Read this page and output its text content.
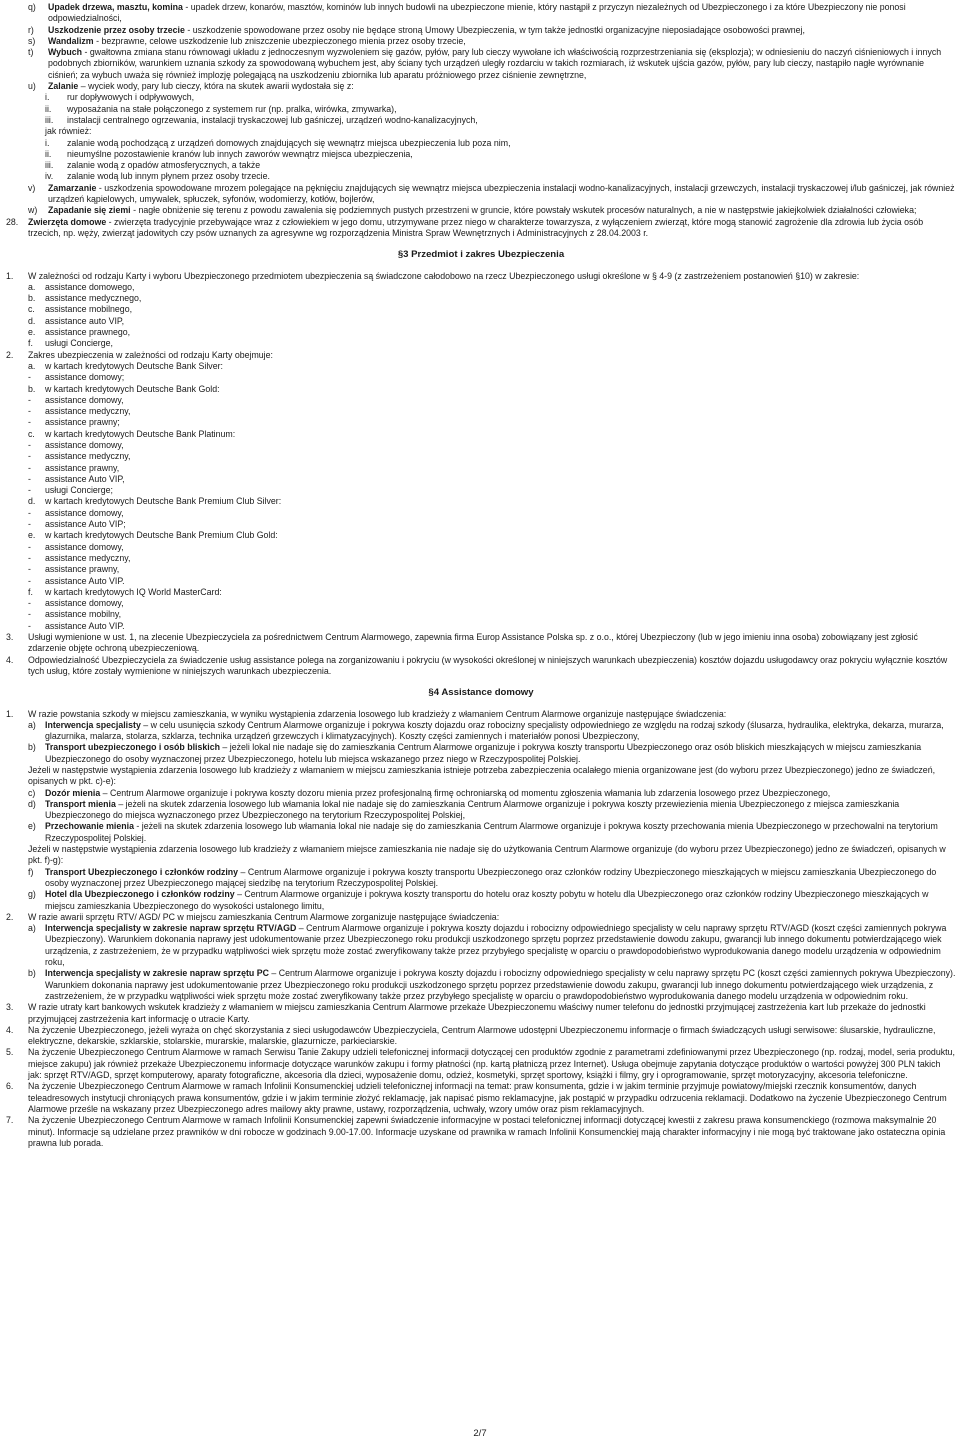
q)	Upadek drzewa, masztu, komina - upadek drzew, konarów, masztów, kominów lub innych budowli na ubezpieczone mienie, który nastąpił z przyczyn niezależnych od Ubezpieczonego i za które Ubezpieczony nie ponosi odpowiedzialności,
r)	Uszkodzenie przez osoby trzecie - uszkodzenie spowodowane przez osoby nie będące stroną Umowy Ubezpieczenia, w tym także jednostki organizacyjne nieposiadające osobowości prawnej,
s)	Wandalizm - bezprawne, celowe uszkodzenie lub zniszczenie ubezpieczonego mienia przez osoby trzecie,
t)	Wybuch - gwałtowna zmiana stanu równowagi układu z jednoczesnym wyzwoleniem się gazów, pyłów, pary lub cieczy wywołane ich właściwością rozprzestrzeniania się (eksplozja); w odniesieniu do naczyń ciśnieniowych i innych podobnych zbiorników, warunkiem uznania szkody za spowodowaną wybuchem jest, aby ściany tych urządzeń uległy rozdarciu w takich rozmiarach, iż wskutek ujścia gazów, pyłów, pary lub cieczy, nastąpiło nagłe wyrównanie ciśnień; za wybuch uważa się również implozję polegającą na uszkodzeniu zbiornika lub aparatu próżniowego przez ciśnienie zewnętrzne,
u)	Zalanie – wyciek wody, pary lub cieczy, która na skutek awarii wydostała się z:
i.	rur dopływowych i odpływowych,
ii.	wyposażania na stałe połączonego z systemem rur (np. pralka, wirówka, zmywarka),
iii.	instalacji centralnego ogrzewania, instalacji tryskaczowej lub gaśniczej, urządzeń wodno-kanalizacyjnych,
jak również:
i.	zalanie wodą pochodzącą z urządzeń domowych znajdujących się wewnątrz miejsca ubezpieczenia lub poza nim,
ii.	nieumyślne pozostawienie kranów lub innych zaworów wewnątrz miejsca ubezpieczenia,
iii.	zalanie wodą z opadów atmosferycznych, a także
iv.	zalanie wodą lub innym płynem przez osoby trzecie.
v)	Zamarzanie - uszkodzenia spowodowane mrozem polegające na pęknięciu znajdujących się wewnątrz miejsca ubezpieczenia instalacji wodno-kanalizacyjnych, instalacji grzewczych, instalacji tryskaczowej i/lub gaśniczej, jak również urządzeń kąpielowych, umywalek, spłuczek, syfonów, wodomierzy, kotłów, bojlerów,
w)	Zapadanie się ziemi - nagłe obniżenie się terenu z powodu zawalenia się podziemnych pustych przestrzeni w gruncie, które powstały wskutek procesów naturalnych, a nie w następstwie jakiejkolwiek działalności człowieka;
28.	Zwierzęta domowe - zwierzęta tradycyjnie przebywające wraz z człowiekiem w jego domu, utrzymywane przez niego w charakterze towarzysza, z wyłączeniem zwierząt, które mogą stanowić zagrożenie dla zdrowia lub życia osób trzecich, np. węży, zwierząt jadowitych czy psów uznanych za agresywne wg rozporządzenia Ministra Spraw Wewnętrznych i Administracyjnych z 28.04.2003 r.
§3 Przedmiot i zakres Ubezpieczenia
1.	W zależności od rodzaju Karty i wyboru Ubezpieczonego przedmiotem ubezpieczenia są świadczone całodobowo na rzecz Ubezpieczonego usługi określone w § 4-9 (z zastrzeżeniem postanowień §10) w zakresie:
a.	assistance domowego,
b.	assistance medycznego,
c.	assistance mobilnego,
d.	assistance auto VIP,
e.	assistance prawnego,
f.	usługi Concierge,
2.	Zakres ubezpieczenia w zależności od rodzaju Karty obejmuje:
a.	w kartach kredytowych Deutsche Bank Silver:
-	assistance domowy;
b.	w kartach kredytowych Deutsche Bank Gold:
-	assistance domowy,
-	assistance medyczny,
-	assistance prawny;
c.	w kartach kredytowych Deutsche Bank Platinum:
-	assistance domowy,
-	assistance medyczny,
-	assistance prawny,
-	assistance Auto VIP,
-	usługi Concierge;
d.	w kartach kredytowych Deutsche Bank Premium Club Silver:
-	assistance domowy,
-	assistance Auto VIP;
e.	w kartach kredytowych Deutsche Bank Premium Club Gold:
-	assistance domowy,
-	assistance medyczny,
-	assistance prawny,
-	assistance Auto VIP.
f.	w kartach kredytowych IQ World MasterCard:
-	assistance domowy,
-	assistance mobilny,
-	assistance Auto VIP.
3.	Usługi wymienione w ust. 1, na zlecenie Ubezpieczyciela za pośrednictwem Centrum Alarmowego, zapewnia firma Europ Assistance Polska sp. z o.o., której Ubezpieczony (lub w jego imieniu inna osoba) zobowiązany jest zgłosić zdarzenie objęte ochroną ubezpieczeniową.
4.	Odpowiedzialność Ubezpieczyciela za świadczenie usług assistance polega na zorganizowaniu i pokryciu (w wysokości określonej w niniejszych warunkach ubezpieczenia) kosztów dojazdu usługodawcy oraz pokryciu wyłącznie kosztów tych usług, które zostały wymienione w niniejszych warunkach ubezpieczenia.
§4 Assistance domowy
1.	W razie powstania szkody w miejscu zamieszkania, w wyniku wystąpienia zdarzenia losowego lub kradzieży z włamaniem Centrum Alarmowe organizuje następujące świadczenia:
a)	Interwencja specjalisty – w celu usunięcia szkody Centrum Alarmowe organizuje i pokrywa koszty dojazdu oraz robocizny specjalisty odpowiedniego ze względu na rodzaj szkody (ślusarza, hydraulika, elektryka, dekarza, murarza, glazurnika, malarza, stolarza, szklarza, technika urządzeń grzewczych i klimatyzacyjnych). Koszty części zamiennych i materiałów ponosi Ubezpieczony,
b)	Transport ubezpieczonego i osób bliskich – jeżeli lokal nie nadaje się do zamieszkania Centrum Alarmowe organizuje i pokrywa koszty transportu Ubezpieczonego oraz osób bliskich mieszkających w miejscu zamieszkania Ubezpieczonego do osoby wyznaczonej przez Ubezpieczonego, hotelu lub miejsca wskazanego przez niego w Rzeczypospolitej Polskiej.
Jeżeli w następstwie wystąpienia zdarzenia losowego lub kradzieży z włamaniem w miejscu zamieszkania istnieje potrzeba zabezpieczenia ocalałego mienia organizowane jest (do wyboru przez Ubezpieczonego) jedno ze świadczeń, opisanych w pkt. c)-e):
c)	Dozór mienia – Centrum Alarmowe organizuje i pokrywa koszty dozoru mienia przez profesjonalną firmę ochroniarską od momentu zgłoszenia włamania lub zdarzenia losowego przez Ubezpieczonego,
d)	Transport mienia – jeżeli na skutek zdarzenia losowego lub włamania lokal nie nadaje się do zamieszkania Centrum Alarmowe organizuje i pokrywa koszty przewiezienia mienia Ubezpieczonego z miejsca zamieszkania Ubezpieczonego do miejsca wyznaczonego przez Ubezpieczonego na terytorium Rzeczypospolitej Polskiej,
e)	Przechowanie mienia - jeżeli na skutek zdarzenia losowego lub włamania lokal nie nadaje się do zamieszkania Centrum Alarmowe organizuje i pokrywa koszty przechowania mienia Ubezpieczonego w przechowalni na terytorium Rzeczypospolitej Polskiej.
Jeżeli w następstwie wystąpienia zdarzenia losowego lub kradzieży z włamaniem miejsce zamieszkania nie nadaje się do użytkowania Centrum Alarmowe organizuje (do wyboru przez Ubezpieczonego) jedno ze świadczeń, opisanych w pkt. f)-g):
f)	Transport Ubezpieczonego i członków rodziny – Centrum Alarmowe organizuje i pokrywa koszty transportu Ubezpieczonego oraz członków rodziny Ubezpieczonego mieszkających w miejscu zamieszkania Ubezpieczonego do osoby wyznaczonej przez Ubezpieczonego mającej siedzibę na terytorium Rzeczypospolitej Polskiej.
g)	Hotel dla Ubezpieczonego i członków rodziny – Centrum Alarmowe organizuje i pokrywa koszty transportu do hotelu oraz koszty pobytu w hotelu dla Ubezpieczonego oraz członków rodziny Ubezpieczonego mieszkających w miejscu zamieszkania Ubezpieczonego do wysokości ustalonego limitu,
2.	W razie awarii sprzętu RTV/ AGD/ PC w miejscu zamieszkania Centrum Alarmowe zorganizuje następujące świadczenia:
a)	Interwencja specjalisty w zakresie napraw sprzętu RTV/AGD – Centrum Alarmowe organizuje i pokrywa koszty dojazdu i robocizny odpowiedniego specjalisty w celu naprawy sprzętu RTV/AGD (koszt części zamiennych pokrywa Ubezpieczony). Warunkiem dokonania naprawy jest udokumentowanie przez Ubezpieczonego roku produkcji uszkodzonego sprzętu poprzez przedstawienie dowodu zakupu, gwarancji lub innego dokumentu potwierdzającego wiek urządzenia, z zastrzeżeniem, że w przypadku wątpliwości wiek sprzętu może zostać zweryfikowany także przez przybyłego specjalistę w oparciu o prawdopodobieństwo wyprodukowania danego modelu urządzenia w odpowiednim roku,
b)	Interwencja specjalisty w zakresie napraw sprzętu PC – Centrum Alarmowe organizuje i pokrywa koszty dojazdu i robocizny odpowiedniego specjalisty w celu naprawy sprzętu PC (koszt części zamiennych pokrywa Ubezpieczony). Warunkiem dokonania naprawy jest udokumentowanie przez Ubezpieczonego roku produkcji uszkodzonego sprzętu poprzez przedstawienie dowodu zakupu, gwarancji lub innego dokumentu potwierdzającego wiek urządzenia, z zastrzeżeniem, że w przypadku wątpliwości wiek sprzętu może zostać zweryfikowany także przez przybyłego specjalistę w oparciu o prawdopodobieństwo wyprodukowania danego modelu urządzenia w odpowiednim roku.
3.	W razie utraty kart bankowych wskutek kradzieży z włamaniem w miejscu zamieszkania Centrum Alarmowe przekaże Ubezpieczonemu właściwy numer telefonu do jednostki przyjmującej zastrzeżenia kart lub przekaże do jednostki przyjmującej zastrzeżenia kart informację o utracie Karty.
4.	Na życzenie Ubezpieczonego, jeżeli wyraża on chęć skorzystania z sieci usługodawców Ubezpieczyciela, Centrum Alarmowe udostępni Ubezpieczonemu informacje o firmach świadczących usługi serwisowe: ślusarskie, hydrauliczne, elektryczne, dekarskie, szklarskie, stolarskie, murarskie, malarskie, glazurnicze, parkieciarskie.
5.	Na życzenie Ubezpieczonego Centrum Alarmowe w ramach Serwisu Tanie Zakupy udzieli telefonicznej informacji dotyczącej cen produktów zgodnie z parametrami zdefiniowanymi przez Ubezpieczonego (np. rodzaj, model, seria produktu, miejsce zakupu) jak również przekaże Ubezpieczonemu informacje dotyczące warunków zakupu i formy płatności (np. kartą płatniczą przez Internet). Usługa obejmuje zapytania dotyczące produktów o wartości powyżej 300 PLN takich jak: sprzęt RTV/AGD, sprzęt komputerowy, aparaty fotograficzne, akcesoria dla dzieci, wyposażenie domu, odzież, kosmetyki, sprzęt sportowy, książki i filmy, gry i oprogramowanie, sprzęt motoryzacyjny, akcesoria telefoniczne.
6.	Na życzenie Ubezpieczonego Centrum Alarmowe w ramach Infolinii Konsumenckiej udzieli telefonicznej informacji na temat: praw konsumenta, gdzie i w jakim terminie przyjmuje powiatowy/miejski rzecznik konsumentów, danych teleadresowych instytucji chroniących prawa konsumentów, gdzie i w jakim terminie złożyć reklamację, jak napisać pismo reklamacyjne, jak postąpić w przypadku odrzucenia reklamacji. Dodatkowo na życzenie Ubezpieczonego Centrum Alarmowe prześle na wskazany przez Ubezpieczonego adres mailowy akty prawne, ustawy, rozporządzenia, uchwały, wzory umów oraz pism reklamacyjnych.
7.	Na życzenie Ubezpieczonego Centrum Alarmowe w ramach Infolinii Konsumenckiej zapewni świadczenie informacyjne w postaci telefonicznej informacji dotyczącej kwestii z zakresu prawa konsumenckiego (rozmowa maksymalnie 20 minut). Informacje są udzielane przez prawników w dni robocze w godzinach 9.00-17.00. Informacje uzyskane od prawnika w ramach Infolinii Konsumenckiej mają charakter informacyjny i nie mogą być traktowane jako ostateczna opinia prawna lub porada.
2/7
